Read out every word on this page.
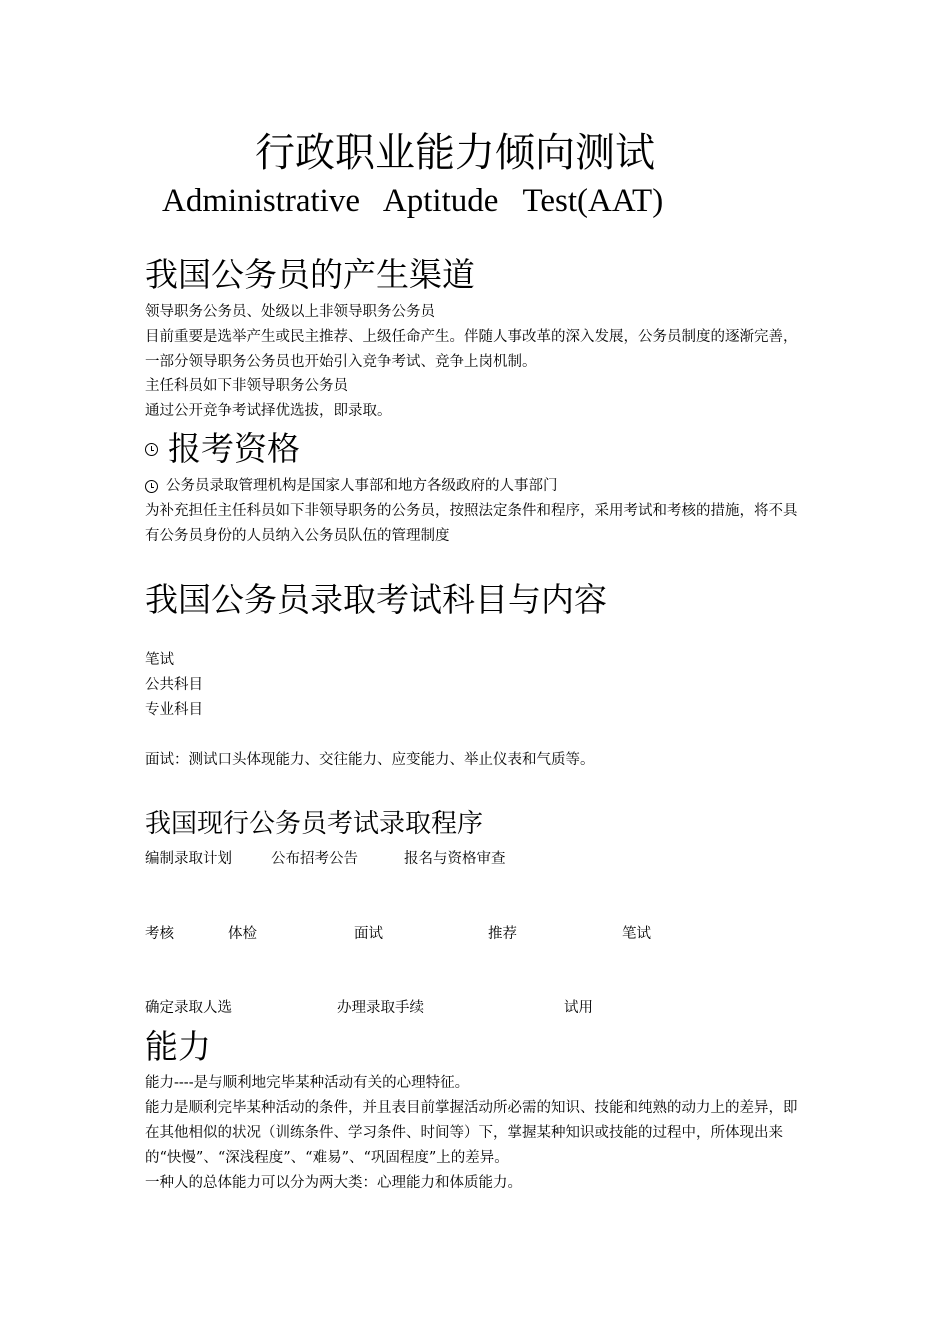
行政职业能力倾向测试
Administrative   Aptitude   Test(AAT)
我国公务员的产生渠道
领导职务公务员、处级以上非领导职务公务员
目前重要是选举产生或民主推荐、上级任命产生。伴随人事改革的深入发展，公务员制度的逐渐完善，一部分领导职务公务员也开始引入竞争考试、竞争上岗机制。
主任科员如下非领导职务公务员
通过公开竞争考试择优选拔，即录取。
报考资格
公务员录取管理机构是国家人事部和地方各级政府的人事部门
为补充担任主任科员如下非领导职务的公务员，按照法定条件和程序，采用考试和考核的措施，将不具有公务员身份的人员纳入公务员队伍的管理制度
我国公务员录取考试科目与内容
笔试
公共科目
专业科目
面试：测试口头体现能力、交往能力、应变能力、举止仪表和气质等。
我国现行公务员考试录取程序
编制录取计划	公布招考公告	报名与资格审查
考核	体检	面试	推荐	笔试
确定录取人选	办理录取手续	试用
能力
能力----是与顺利地完毕某种活动有关的心理特征。
能力是顺利完毕某种活动的条件，并且表目前掌握活动所必需的知识、技能和纯熟的动力上的差异，即在其他相似的状况（训练条件、学习条件、时间等）下，掌握某种知识或技能的过程中，所体现出来的“快慢”、“深浅程度”、“难易”、“巩固程度”上的差异。
一种人的总体能力可以分为两大类：心理能力和体质能力。
